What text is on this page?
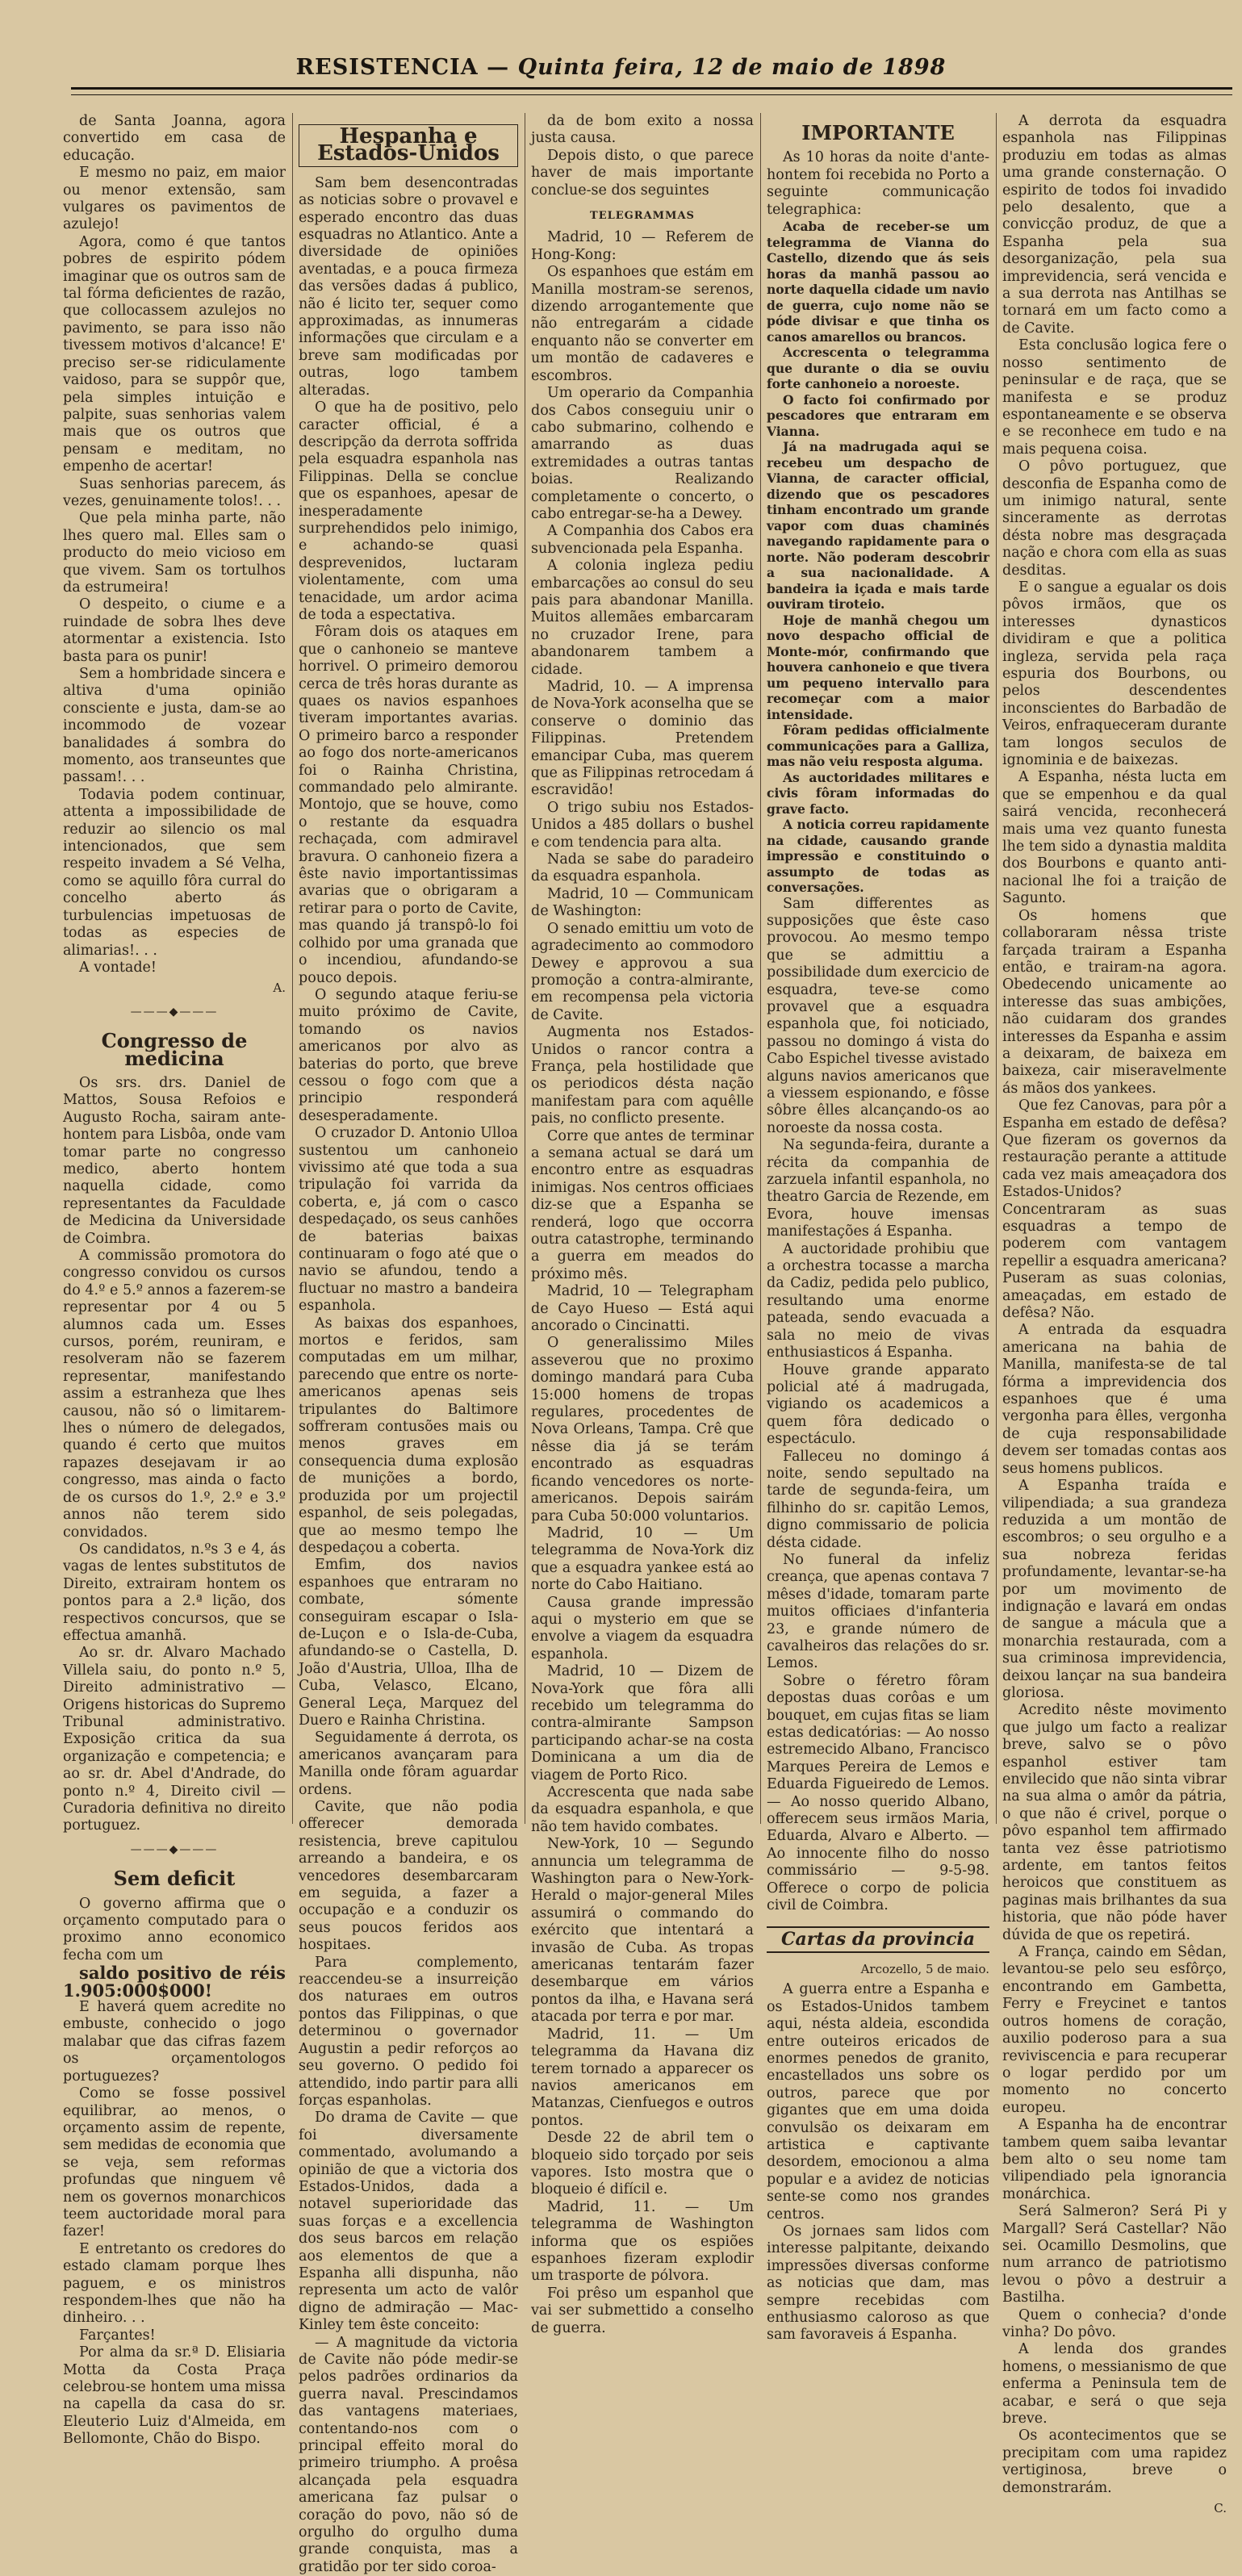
RESISTENCIA — Quinta feira, 12 de maio de 1898

de Santa Joanna, agora convertido em casa de educação.

E mesmo no paiz, em maior ou menor extensão, sam vulgares os pavimentos de azulejo!

Agora, como é que tantos pobres de espirito pódem imaginar que os outros sam de tal fórma deficientes de razão, que collocassem azulejos no pavimento, se para isso não tivessem motivos d'alcance! E' preciso ser-se ridiculamente vaidoso, para se suppôr que, pela simples intuição e palpite, suas senhorias valem mais que os outros que pensam e meditam, no empenho de acertar!

Suas senhorias parecem, ás vezes, genuinamente tolos!. . .

Que pela minha parte, não lhes quero mal. Elles sam o producto do meio vicioso em que vivem. Sam os tortulhos da estrumeira!

O despeito, o ciume e a ruindade de sobra lhes deve atormentar a existencia. Isto basta para os punir!

Sem a hombridade sincera e altiva d'uma opinião consciente e justa, dam-se ao incommodo de vozear banalidades á sombra do momento, aos transeuntes que passam!. . .

Todavia podem continuar, attenta a impossibilidade de reduzir ao silencio os mal intencionados, que sem respeito invadem a Sé Velha, como se aquillo fôra curral do concelho aberto ás turbulencias impetuosas de todas as especies de alimarias!. . .

A vontade!

A.
———◆———
Congresso de medicina

Os srs. drs. Daniel de Mattos, Sousa Refoios e Augusto Rocha, sairam ante-hontem para Lisbôa, onde vam tomar parte no congresso medico, aberto hontem naquella cidade, como representantes da Faculdade de Medicina da Universidade de Coimbra.

A commissão promotora do congresso convidou os cursos do 4.º e 5.º annos a fazerem-se representar por 4 ou 5 alumnos cada um. Esses cursos, porém, reuniram, e resolveram não se fazerem representar, manifestando assim a estranheza que lhes causou, não só o limitarem-lhes o número de delegados, quando é certo que muitos rapazes desejavam ir ao congresso, mas ainda o facto de os cursos do 1.º, 2.º e 3.º annos não terem sido convidados.

Os candidatos, n.ºs 3 e 4, ás vagas de lentes substitutos de Direito, extrairam hontem os pontos para a 2.ª lição, dos respectivos concursos, que se effectua amanhã.

Ao sr. dr. Alvaro Machado Villela saiu, do ponto n.º 5, Direito administrativo — Origens historicas do Supremo Tribunal administrativo. Exposição critica da sua organização e competencia; e ao sr. dr. Abel d'Andrade, do ponto n.º 4, Direito civil — Curadoria definitiva no direito portuguez.

———◆———
Sem deficit

O governo affirma que o orçamento computado para o proximo anno economico fecha com um

saldo positivo de réis 1.905:000$000!

E haverá quem acredite no embuste, conhecido o jogo malabar que das cifras fazem os orçamentologos portuguezes?

Como se fosse possivel equilibrar, ao menos, o orçamento assim de repente, sem medidas de economia que se veja, sem reformas profundas que ninguem vê nem os governos monarchicos teem auctoridade moral para fazer!

E entretanto os credores do estado clamam porque lhes paguem, e os ministros respondem-lhes que não ha dinheiro. . .

Farçantes!

Por alma da sr.ª D. Elisiaria Motta da Costa Praça celebrou-se hontem uma missa na capella da casa do sr. Eleuterio Luiz d'Almeida, em Bellomonte, Chão do Bispo.

Hespanha e Estados-Unidos

Sam bem desencontradas as noticias sobre o provavel e esperado encontro das duas esquadras no Atlantico. Ante a diversidade de opiniões aventadas, e a pouca firmeza das versões dadas á publico, não é licito ter, sequer como approximadas, as innumeras informações que circulam e a breve sam modificadas por outras, logo tambem alteradas.

O que ha de positivo, pelo caracter official, é a descripção da derrota soffrida pela esquadra espanhola nas Filippinas. Della se conclue que os espanhoes, apesar de inesperadamente surprehendidos pelo inimigo, e achando-se quasi desprevenidos, luctaram violentamente, com uma tenacidade, um ardor acima de toda a espectativa.

Fôram dois os ataques em que o canhoneio se manteve horrivel. O primeiro demorou cerca de três horas durante as quaes os navios espanhoes tiveram importantes avarias. O primeiro barco a responder ao fogo dos norte-americanos foi o Rainha Christina, commandado pelo almirante. Montojo, que se houve, como o restante da esquadra rechaçada, com admiravel bravura. O canhoneio fizera a êste navio importantissimas avarias que o obrigaram a retirar para o porto de Cavite, mas quando já transpô-lo foi colhido por uma granada que o incendiou, afundando-se pouco depois.

O segundo ataque feriu-se muito próximo de Cavite, tomando os navios americanos por alvo as baterias do porto, que breve cessou o fogo com que a principio responderá desesperadamente.

O cruzador D. Antonio Ulloa sustentou um canhoneio vivissimo até que toda a sua tripulação foi varrida da coberta, e, já com o casco despedaçado, os seus canhões de baterias baixas continuaram o fogo até que o navio se afundou, tendo a fluctuar no mastro a bandeira espanhola.

As baixas dos espanhoes, mortos e feridos, sam computadas em um milhar, parecendo que entre os norte-americanos apenas seis tripulantes do Baltimore soffreram contusões mais ou menos graves em consequencia duma explosão de munições a bordo, produzida por um projectil espanhol, de seis polegadas, que ao mesmo tempo lhe despedaçou a coberta.

Emfim, dos navios espanhoes que entraram no combate, sómente conseguiram escapar o Isla-de-Luçon e o Isla-de-Cuba, afundando-se o Castella, D. João d'Austria, Ulloa, Ilha de Cuba, Velasco, Elcano, General Leça, Marquez del Duero e Rainha Christina.

Seguidamente á derrota, os americanos avançaram para Manilla onde fôram aguardar ordens.

Cavite, que não podia offerecer demorada resistencia, breve capitulou arreando a bandeira, e os vencedores desembarcaram em seguida, a fazer a occupação e a conduzir os seus poucos feridos aos hospitaes.

Para complemento, reaccendeu-se a insurreição dos naturaes em outros pontos das Filippinas, o que determinou o governador Augustin a pedir reforços ao seu governo. O pedido foi attendido, indo partir para alli forças espanholas.

Do drama de Cavite — que foi diversamente commentado, avolumando a opinião de que a victoria dos Estados-Unidos, dada a notavel superioridade das suas forças e a excellencia dos seus barcos em relação aos elementos de que a Espanha alli dispunha, não representa um acto de valôr digno de admiração — Mac-Kinley tem êste conceito:

— A magnitude da victoria de Cavite não póde medir-se pelos padrões ordinarios da guerra naval. Prescindamos das vantagens materiaes, contentando-nos com o principal effeito moral do primeiro triumpho. A proêsa alcançada pela esquadra americana faz pulsar o coração do povo, não só de orgulho do orgulho duma grande conquista, mas a gratidão por ter sido coroa-

da de bom exito a nossa justa causa.

Depois disto, o que parece haver de mais importante conclue-se dos seguintes

TELEGRAMMAS

Madrid, 10 — Referem de Hong-Kong:

Os espanhoes que estám em Manilla mostram-se serenos, dizendo arrogantemente que não entregarám a cidade enquanto não se converter em um montão de cadaveres e escombros.

Um operario da Companhia dos Cabos conseguiu unir o cabo submarino, colhendo e amarrando as duas extremidades a outras tantas boias. Realizando completamente o concerto, o cabo entregar-se-ha a Dewey.

A Companhia dos Cabos era subvencionada pela Espanha.

A colonia ingleza pediu embarcações ao consul do seu pais para abandonar Manilla. Muitos allemães embarcaram no cruzador Irene, para abandonarem tambem a cidade.

Madrid, 10. — A imprensa de Nova-York aconselha que se conserve o dominio das Filippinas. Pretendem emancipar Cuba, mas querem que as Filippinas retrocedam á escravidão!

O trigo subiu nos Estados-Unidos a 485 dollars o bushel e com tendencia para alta.

Nada se sabe do paradeiro da esquadra espanhola.

Madrid, 10 — Communicam de Washington:

O senado emittiu um voto de agradecimento ao commodoro Dewey e approvou a sua promoção a contra-almirante, em recompensa pela victoria de Cavite.

Augmenta nos Estados-Unidos o rancor contra a França, pela hostilidade que os periodicos désta nação manifestam para com aquêlle pais, no conflicto presente.

Corre que antes de terminar a semana actual se dará um encontro entre as esquadras inimigas. Nos centros officiaes diz-se que a Espanha se renderá, logo que occorra outra catastrophe, terminando a guerra em meados do próximo mês.

Madrid, 10 — Telegrapham de Cayo Hueso — Está aqui ancorado o Cincinatti.

O generalissimo Miles asseverou que no proximo domingo mandará para Cuba 15:000 homens de tropas regulares, procedentes de Nova Orleans, Tampa. Crê que nêsse dia já se terám encontrado as esquadras ficando vencedores os norte-americanos. Depois sairám para Cuba 50:000 voluntarios.

Madrid, 10 — Um telegramma de Nova-York diz que a esquadra yankee está ao norte do Cabo Haitiano.

Causa grande impressão aqui o mysterio em que se envolve a viagem da esquadra espanhola.

Madrid, 10 — Dizem de Nova-York que fôra alli recebido um telegramma do contra-almirante Sampson participando achar-se na costa Dominicana a um dia de viagem de Porto Rico.

Accrescenta que nada sabe da esquadra espanhola, e que não tem havido combates.

New-York, 10 — Segundo annuncia um telegramma de Washington para o New-York-Herald o major-general Miles assumirá o commando do exército que intentará a invasão de Cuba. As tropas americanas tentarám fazer desembarque em vários pontos da ilha, e Havana será atacada por terra e por mar.

Madrid, 11. — Um telegramma da Havana diz terem tornado a apparecer os navios americanos em Matanzas, Cienfuegos e outros pontos.

Desde 22 de abril tem o bloqueio sido torçado por seis vapores. Isto mostra que o bloqueio é difícil e.

Madrid, 11. — Um telegramma de Washington informa que os espiões espanhoes fizeram explodir um trasporte de pólvora.

Foi prêso um espanhol que vai ser submettido a conselho de guerra.

IMPORTANTE

As 10 horas da noite d'ante-hontem foi recebida no Porto a seguinte communicação telegraphica:

Acaba de receber-se um telegramma de Vianna do Castello, dizendo que ás seis horas da manhã passou ao norte daquella cidade um navio de guerra, cujo nome não se póde divisar e que tinha os canos amarellos ou brancos.

Accrescenta o telegramma que durante o dia se ouviu forte canhoneio a noroeste.

O facto foi confirmado por pescadores que entraram em Vianna.

Já na madrugada aqui se recebeu um despacho de Vianna, de caracter official, dizendo que os pescadores tinham encontrado um grande vapor com duas chaminés navegando rapidamente para o norte. Não poderam descobrir a sua nacionalidade. A bandeira ia içada e mais tarde ouviram tiroteio.

Hoje de manhã chegou um novo despacho official de Monte-mór, confirmando que houvera canhoneio e que tivera um pequeno intervallo para recomeçar com a maior intensidade.

Fôram pedidas officialmente communicações para a Galliza, mas não veiu resposta alguma.

As auctoridades militares e civis fôram informadas do grave facto.

A noticia correu rapidamente na cidade, causando grande impressão e constituindo o assumpto de todas as conversações.

Sam differentes as supposições que êste caso provocou. Ao mesmo tempo que se admittiu a possibilidade dum exercicio de esquadra, teve-se como provavel que a esquadra espanhola que, foi noticiado, passou no domingo á vista do Cabo Espichel tivesse avistado alguns navios americanos que a viessem espionando, e fôsse sôbre êlles alcançando-os ao noroeste da nossa costa.

Na segunda-feira, durante a récita da companhia de zarzuela infantil espanhola, no theatro Garcia de Rezende, em Evora, houve imensas manifestações á Espanha.

A auctoridade prohibiu que a orchestra tocasse a marcha da Cadiz, pedida pelo publico, resultando uma enorme pateada, sendo evacuada a sala no meio de vivas enthusiasticos á Espanha.

Houve grande apparato policial até á madrugada, vigiando os academicos a quem fôra dedicado o espectáculo.

Falleceu no domingo á noite, sendo sepultado na tarde de segunda-feira, um filhinho do sr. capitão Lemos, digno commissario de policia désta cidade.

No funeral da infeliz creança, que apenas contava 7 mêses d'idade, tomaram parte muitos officiaes d'infanteria 23, e grande número de cavalheiros das relações do sr. Lemos.

Sobre o féretro fôram depostas duas corôas e um bouquet, em cujas fitas se liam estas dedicatórias: — Ao nosso estremecido Albano, Francisco Marques Pereira de Lemos e Eduarda Figueiredo de Lemos. — Ao nosso querido Albano, offerecem seus irmãos Maria, Eduarda, Alvaro e Alberto. — Ao innocente filho do nosso commissário — 9-5-98. Offerece o corpo de policia civil de Coimbra.

Cartas da provincia
Arcozello, 5 de maio.

A guerra entre a Espanha e os Estados-Unidos tambem aqui, nésta aldeia, escondida entre outeiros ericados de enormes penedos de granito, encastellados uns sobre os outros, parece que por gigantes que em uma doida convulsão os deixaram em artistica e captivante desordem, emocionou a alma popular e a avidez de noticias sente-se como nos grandes centros.

Os jornaes sam lidos com interesse palpitante, deixando impressões diversas conforme as noticias que dam, mas sempre recebidas com enthusiasmo caloroso as que sam favoraveis á Espanha.

A derrota da esquadra espanhola nas Filippinas produziu em todas as almas uma grande consternação. O espirito de todos foi invadido pelo desalento, que a convicção produz, de que a Espanha pela sua desorganização, pela sua imprevidencia, será vencida e a sua derrota nas Antilhas se tornará em um facto como a de Cavite.

Esta conclusão logica fere o nosso sentimento de peninsular e de raça, que se manifesta e se produz espontaneamente e se observa e se reconhece em tudo e na mais pequena coisa.

O pôvo portuguez, que desconfia de Espanha como de um inimigo natural, sente sinceramente as derrotas désta nobre mas desgraçada nação e chora com ella as suas desditas.

E o sangue a egualar os dois pôvos irmãos, que os interesses dynasticos dividiram e que a politica ingleza, servida pela raça espuria dos Bourbons, ou pelos descendentes inconscientes do Barbadão de Veiros, enfraqueceram durante tam longos seculos de ignominia e de baixezas.

A Espanha, nésta lucta em que se empenhou e da qual sairá vencida, reconhecerá mais uma vez quanto funesta lhe tem sido a dynastia maldita dos Bourbons e quanto anti-nacional lhe foi a traição de Sagunto.

Os homens que collaboraram nêssa triste farçada trairam a Espanha então, e trairam-na agora. Obedecendo unicamente ao interesse das suas ambições, não cuidaram dos grandes interesses da Espanha e assim a deixaram, de baixeza em baixeza, cair miseravelmente ás mãos dos yankees.

Que fez Canovas, para pôr a Espanha em estado de defêsa? Que fizeram os governos da restauração perante a attitude cada vez mais ameaçadora dos Estados-Unidos? Concentraram as suas esquadras a tempo de poderem com vantagem repellir a esquadra americana? Puseram as suas colonias, ameaçadas, em estado de defêsa? Não.

A entrada da esquadra americana na bahia de Manilla, manifesta-se de tal fórma a imprevidencia dos espanhoes que é uma vergonha para êlles, vergonha de cuja responsabilidade devem ser tomadas contas aos seus homens publicos.

A Espanha traída e vilipendiada; a sua grandeza reduzida a um montão de escombros; o seu orgulho e a sua nobreza feridas profundamente, levantar-se-ha por um movimento de indignação e lavará em ondas de sangue a mácula que a monarchia restaurada, com a sua criminosa imprevidencia, deixou lançar na sua bandeira gloriosa.

Acredito nêste movimento que julgo um facto a realizar breve, salvo se o pôvo espanhol estiver tam envilecido que não sinta vibrar na sua alma o amôr da pátria, o que não é crivel, porque o pôvo espanhol tem affirmado tanta vez êsse patriotismo ardente, em tantos feitos heroicos que constituem as paginas mais brilhantes da sua historia, que não póde haver dúvida de que os repetirá.

A França, caindo em Sêdan, levantou-se pelo seu esfôrço, encontrando em Gambetta, Ferry e Freycinet e tantos outros homens de coração, auxilio poderoso para a sua reviviscencia e para recuperar o logar perdido por um momento no concerto europeu.

A Espanha ha de encontrar tambem quem saiba levantar bem alto o seu nome tam vilipendiado pela ignorancia monárchica.

Será Salmeron? Será Pi y Margall? Será Castellar? Não sei. Ocamillo Desmolins, que num arranco de patriotismo levou o pôvo a destruir a Bastilha.

Quem o conhecia? d'onde vinha? Do pôvo.

A lenda dos grandes homens, o messianismo de que enferma a Peninsula tem de acabar, e será o que seja breve.

Os acontecimentos que se precipitam com uma rapidez vertiginosa, breve o demonstrarám.

C.
